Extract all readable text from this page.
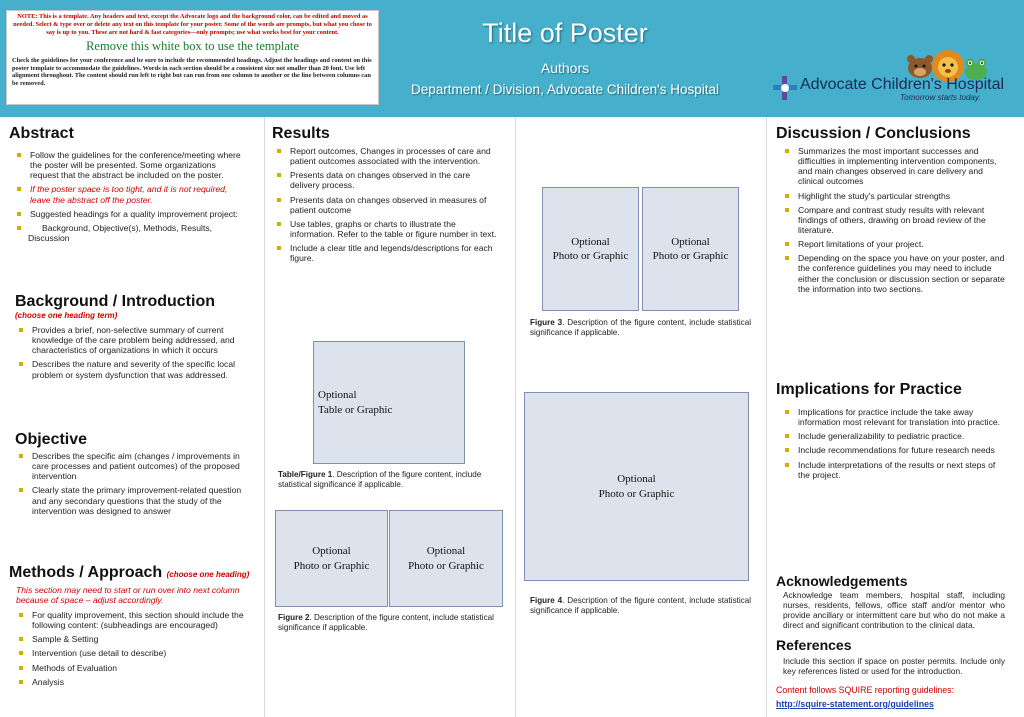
NOTE: This is a template. Any headers and text, except the Advocate logo and the background color, can be edited and moved as needed. Select & type over or delete any text on this template for your poster. Some of the words are prompts, but what you chose to say is up to you. These are not hard & fast categories—only prompts; use what works best for your content.
Remove this white box to use the template
Check the guidelines for your conference and be sure to include the recommended headings. Adjust the headings and content on this poster template to accommodate the guidelines. Words in each section should be a consistent size not smaller than 20 font. Use left alignment throughout. The content should run left to right but can run from one column to another or the line between columns can be removed.
Title of Poster
Authors
Department / Division, Advocate Children's Hospital	Advocate Children's Hospital
Tomorrow starts today.
Abstract
Follow the guidelines for the conference/meeting where the poster will be presented. Some organizations request that the abstract be included on the poster.
If the poster space is too tight, and it is not required, leave the abstract off the poster.
Suggested headings for a quality improvement project:
Background, Objective(s), Methods, Results, Discussion
Background / Introduction
(choose one heading term)
Provides a brief, non-selective summary of current knowledge of the care problem being addressed, and characteristics of organizations in which it occurs
Describes the nature and severity of the specific local problem or system dysfunction that was addressed.
Objective
Describes the specific aim (changes / improvements in care processes and patient outcomes) of the proposed intervention
Clearly state the primary improvement-related question and any secondary questions that the study of the intervention was designed to answer
Methods / Approach (choose one heading)
This section may need to start or run over into next column because of space – adjust accordingly.
For quality improvement, this section should include the following content: (subheadings are encouraged)
Sample & Setting
Intervention (use detail to describe)
Methods of Evaluation
Analysis
Results
Report outcomes, Changes in processes of care and patient outcomes associated with the intervention.
Presents data on changes observed in the care delivery process.
Presents data on changes observed in measures of patient outcome
Use tables, graphs or charts to illustrate the information. Refer to the table or figure number in text.
Include a clear title and legends/descriptions for each figure.
Optional
Table or Graphic
Table/Figure 1. Description of the figure content, include statistical significance if applicable.
Optional
Photo or Graphic
Optional
Photo or Graphic
Figure 2. Description of the figure content, include statistical significance if applicable.
Optional
Photo or Graphic
Optional
Photo or Graphic
Figure 3. Description of the figure content, include statistical significance if applicable.
Optional
Photo or Graphic
Figure 4. Description of the figure content, include statistical significance if applicable.
Discussion / Conclusions
Summarizes the most important successes and difficulties in implementing intervention components, and main changes observed in care delivery and clinical outcomes
Highlight the study's particular strengths
Compare and contrast study results with relevant findings of others, drawing on broad review of the literature.
Report limitations of your project.
Depending on the space you have on your poster, and the conference guidelines you may need to include either the conclusion or discussion section or separate the information into two sections.
Implications for Practice
Implications for practice include the take away information most relevant for translation into practice.
Include generalizability to pediatric practice.
Include recommendations for future research needs
Include interpretations of the results or next steps of the project.
Acknowledgements
Acknowledge team members, hospital staff, including nurses, residents, fellows, office staff and/or mentor who provide ancillary or intermittent care but who do not make a direct and significant contribution to the clinical data.
References
Include this section if space on poster permits. Include only key references listed or used for the introduction.
Content follows SQUIRE reporting guidelines:
http://squire-statement.org/guidelines
